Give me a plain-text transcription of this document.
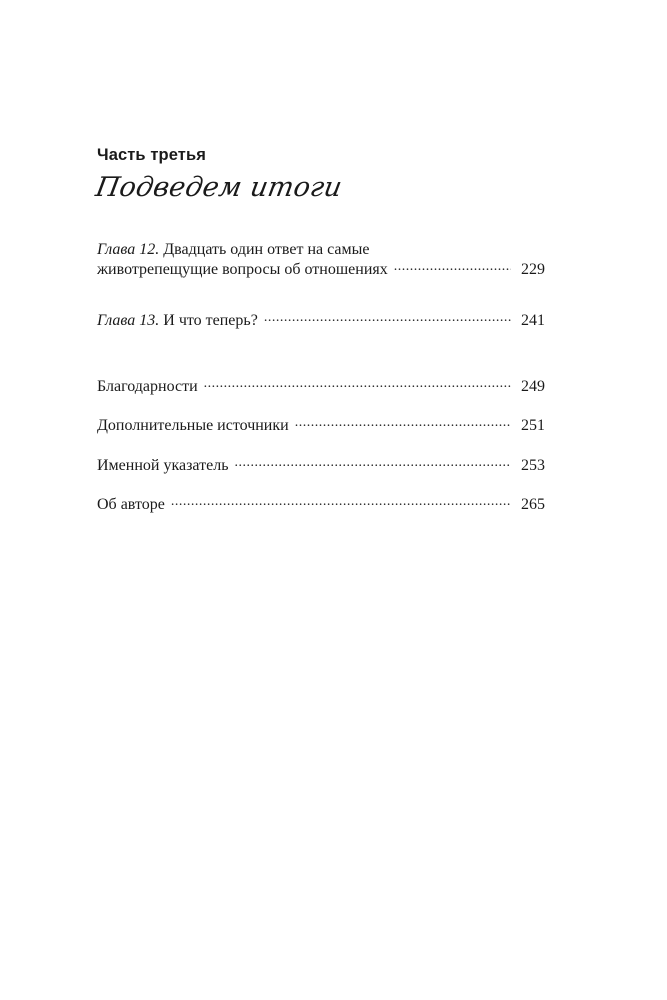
Часть третья
Подведем итоги
Глава 12. Двадцать один ответ на самые
животрепещущие вопросы об отношениях .....	229
Глава 13. И что теперь? .....	241
Благодарности .....	249
Дополнительные источники .....	251
Именной указатель .....	253
Об авторе .....	265
